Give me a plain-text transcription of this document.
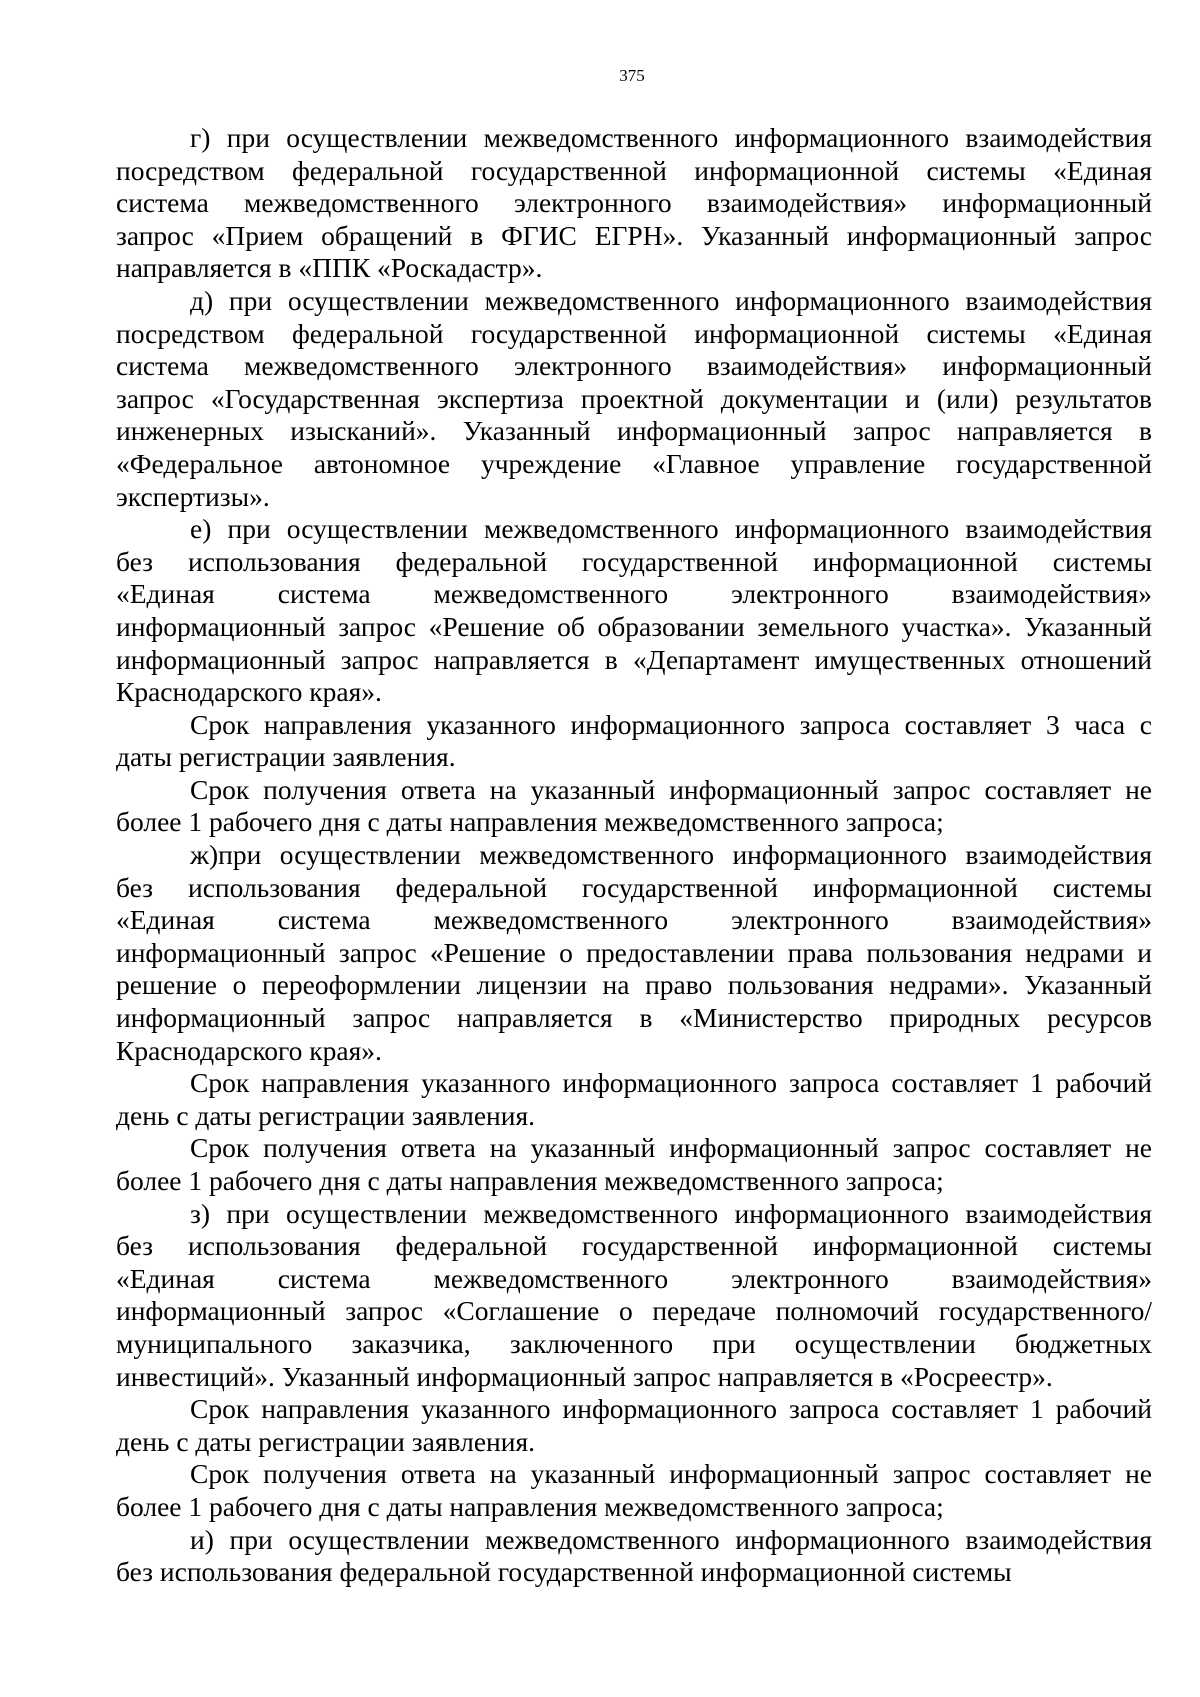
375
г) при осуществлении межведомственного информационного взаимодействия
посредством федеральной государственной информационной системы «Единая
система межведомственного электронного взаимодействия» информационный
запрос «Прием обращений в ФГИС ЕГРН». Указанный информационный запрос
направляется в «ППК «Роскадастр».
д) при осуществлении межведомственного информационного взаимодействия
посредством федеральной государственной информационной системы «Единая
система межведомственного электронного взаимодействия» информационный
запрос «Государственная экспертиза проектной документации и (или) результатов
инженерных изысканий». Указанный информационный запрос направляется в
«Федеральное автономное учреждение «Главное управление государственной
экспертизы».
е) при осуществлении межведомственного информационного взаимодействия
без использования федеральной государственной информационной системы
«Единая система межведомственного электронного взаимодействия»
информационный запрос «Решение об образовании земельного участка». Указанный
информационный запрос направляется в «Департамент имущественных отношений
Краснодарского края».
Срок направления указанного информационного запроса составляет 3 часа с
даты регистрации заявления.
Срок получения ответа на указанный информационный запрос составляет не
более 1 рабочего дня с даты направления межведомственного запроса;
ж)при осуществлении межведомственного информационного взаимодействия
без использования федеральной государственной информационной системы
«Единая система межведомственного электронного взаимодействия»
информационный запрос «Решение о предоставлении права пользования недрами и
решение о переоформлении лицензии на право пользования недрами». Указанный
информационный запрос направляется в «Министерство природных ресурсов
Краснодарского края».
Срок направления указанного информационного запроса составляет 1 рабочий
день с даты регистрации заявления.
Срок получения ответа на указанный информационный запрос составляет не
более 1 рабочего дня с даты направления межведомственного запроса;
з) при осуществлении межведомственного информационного взаимодействия
без использования федеральной государственной информационной системы
«Единая система межведомственного электронного взаимодействия»
информационный запрос «Соглашение о передаче полномочий государственного/
муниципального заказчика, заключенного при осуществлении бюджетных
инвестиций». Указанный информационный запрос направляется в «Росреестр».
Срок направления указанного информационного запроса составляет 1 рабочий
день с даты регистрации заявления.
Срок получения ответа на указанный информационный запрос составляет не
более 1 рабочего дня с даты направления межведомственного запроса;
и) при осуществлении межведомственного информационного взаимодействия
без использования федеральной государственной информационной системы
